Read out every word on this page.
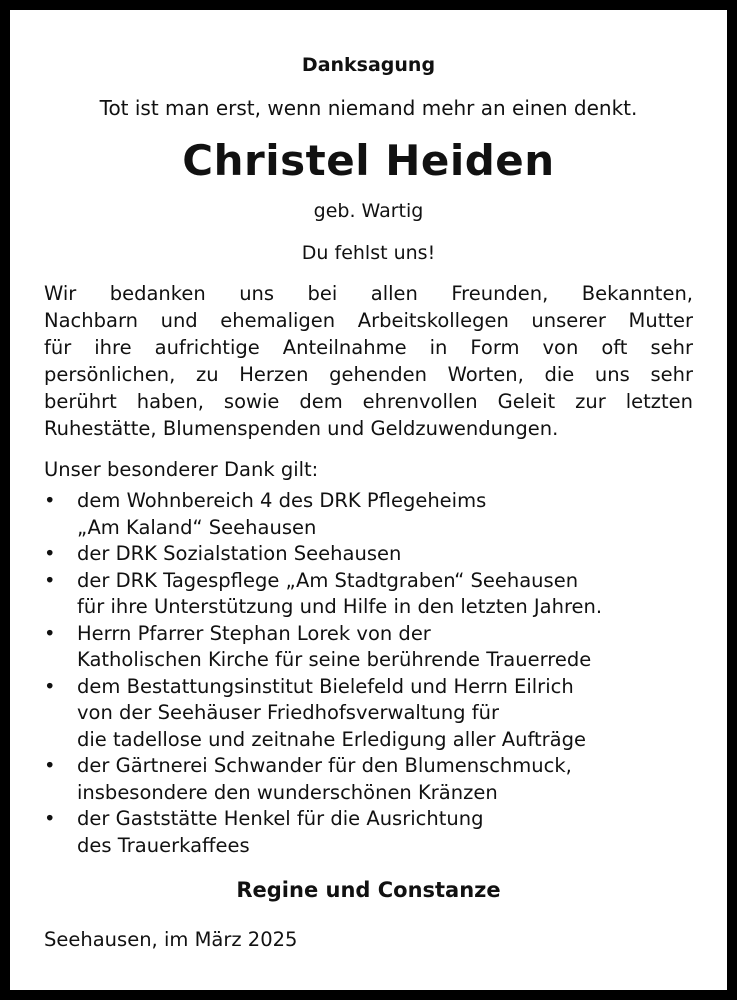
Danksagung
Tot ist man erst, wenn niemand mehr an einen denkt.
Christel Heiden
geb. Wartig
Du fehlst uns!
Wir bedanken uns bei allen Freunden, Bekannten,
Nachbarn und ehemaligen Arbeitskollegen unserer Mutter
für ihre aufrichtige Anteilnahme in Form von oft sehr
persönlichen, zu Herzen gehenden Worten, die uns sehr
berührt haben, sowie dem ehrenvollen Geleit zur letzten
Ruhestätte, Blumenspenden und Geldzuwendungen.
Unser besonderer Dank gilt:
• dem Wohnbereich 4 des DRK Pflegeheims
„Am Kaland“ Seehausen
• der DRK Sozialstation Seehausen
• der DRK Tagespflege „Am Stadtgraben“ Seehausen
für ihre Unterstützung und Hilfe in den letzten Jahren.
• Herrn Pfarrer Stephan Lorek von der
Katholischen Kirche für seine berührende Trauerrede
• dem Bestattungsinstitut Bielefeld und Herrn Eilrich
von der Seehäuser Friedhofsverwaltung für
die tadellose und zeitnahe Erledigung aller Aufträge
• der Gärtnerei Schwander für den Blumenschmuck,
insbesondere den wunderschönen Kränzen
• der Gaststätte Henkel für die Ausrichtung
des Trauerkaffees
Regine und Constanze
Seehausen, im März 2025
